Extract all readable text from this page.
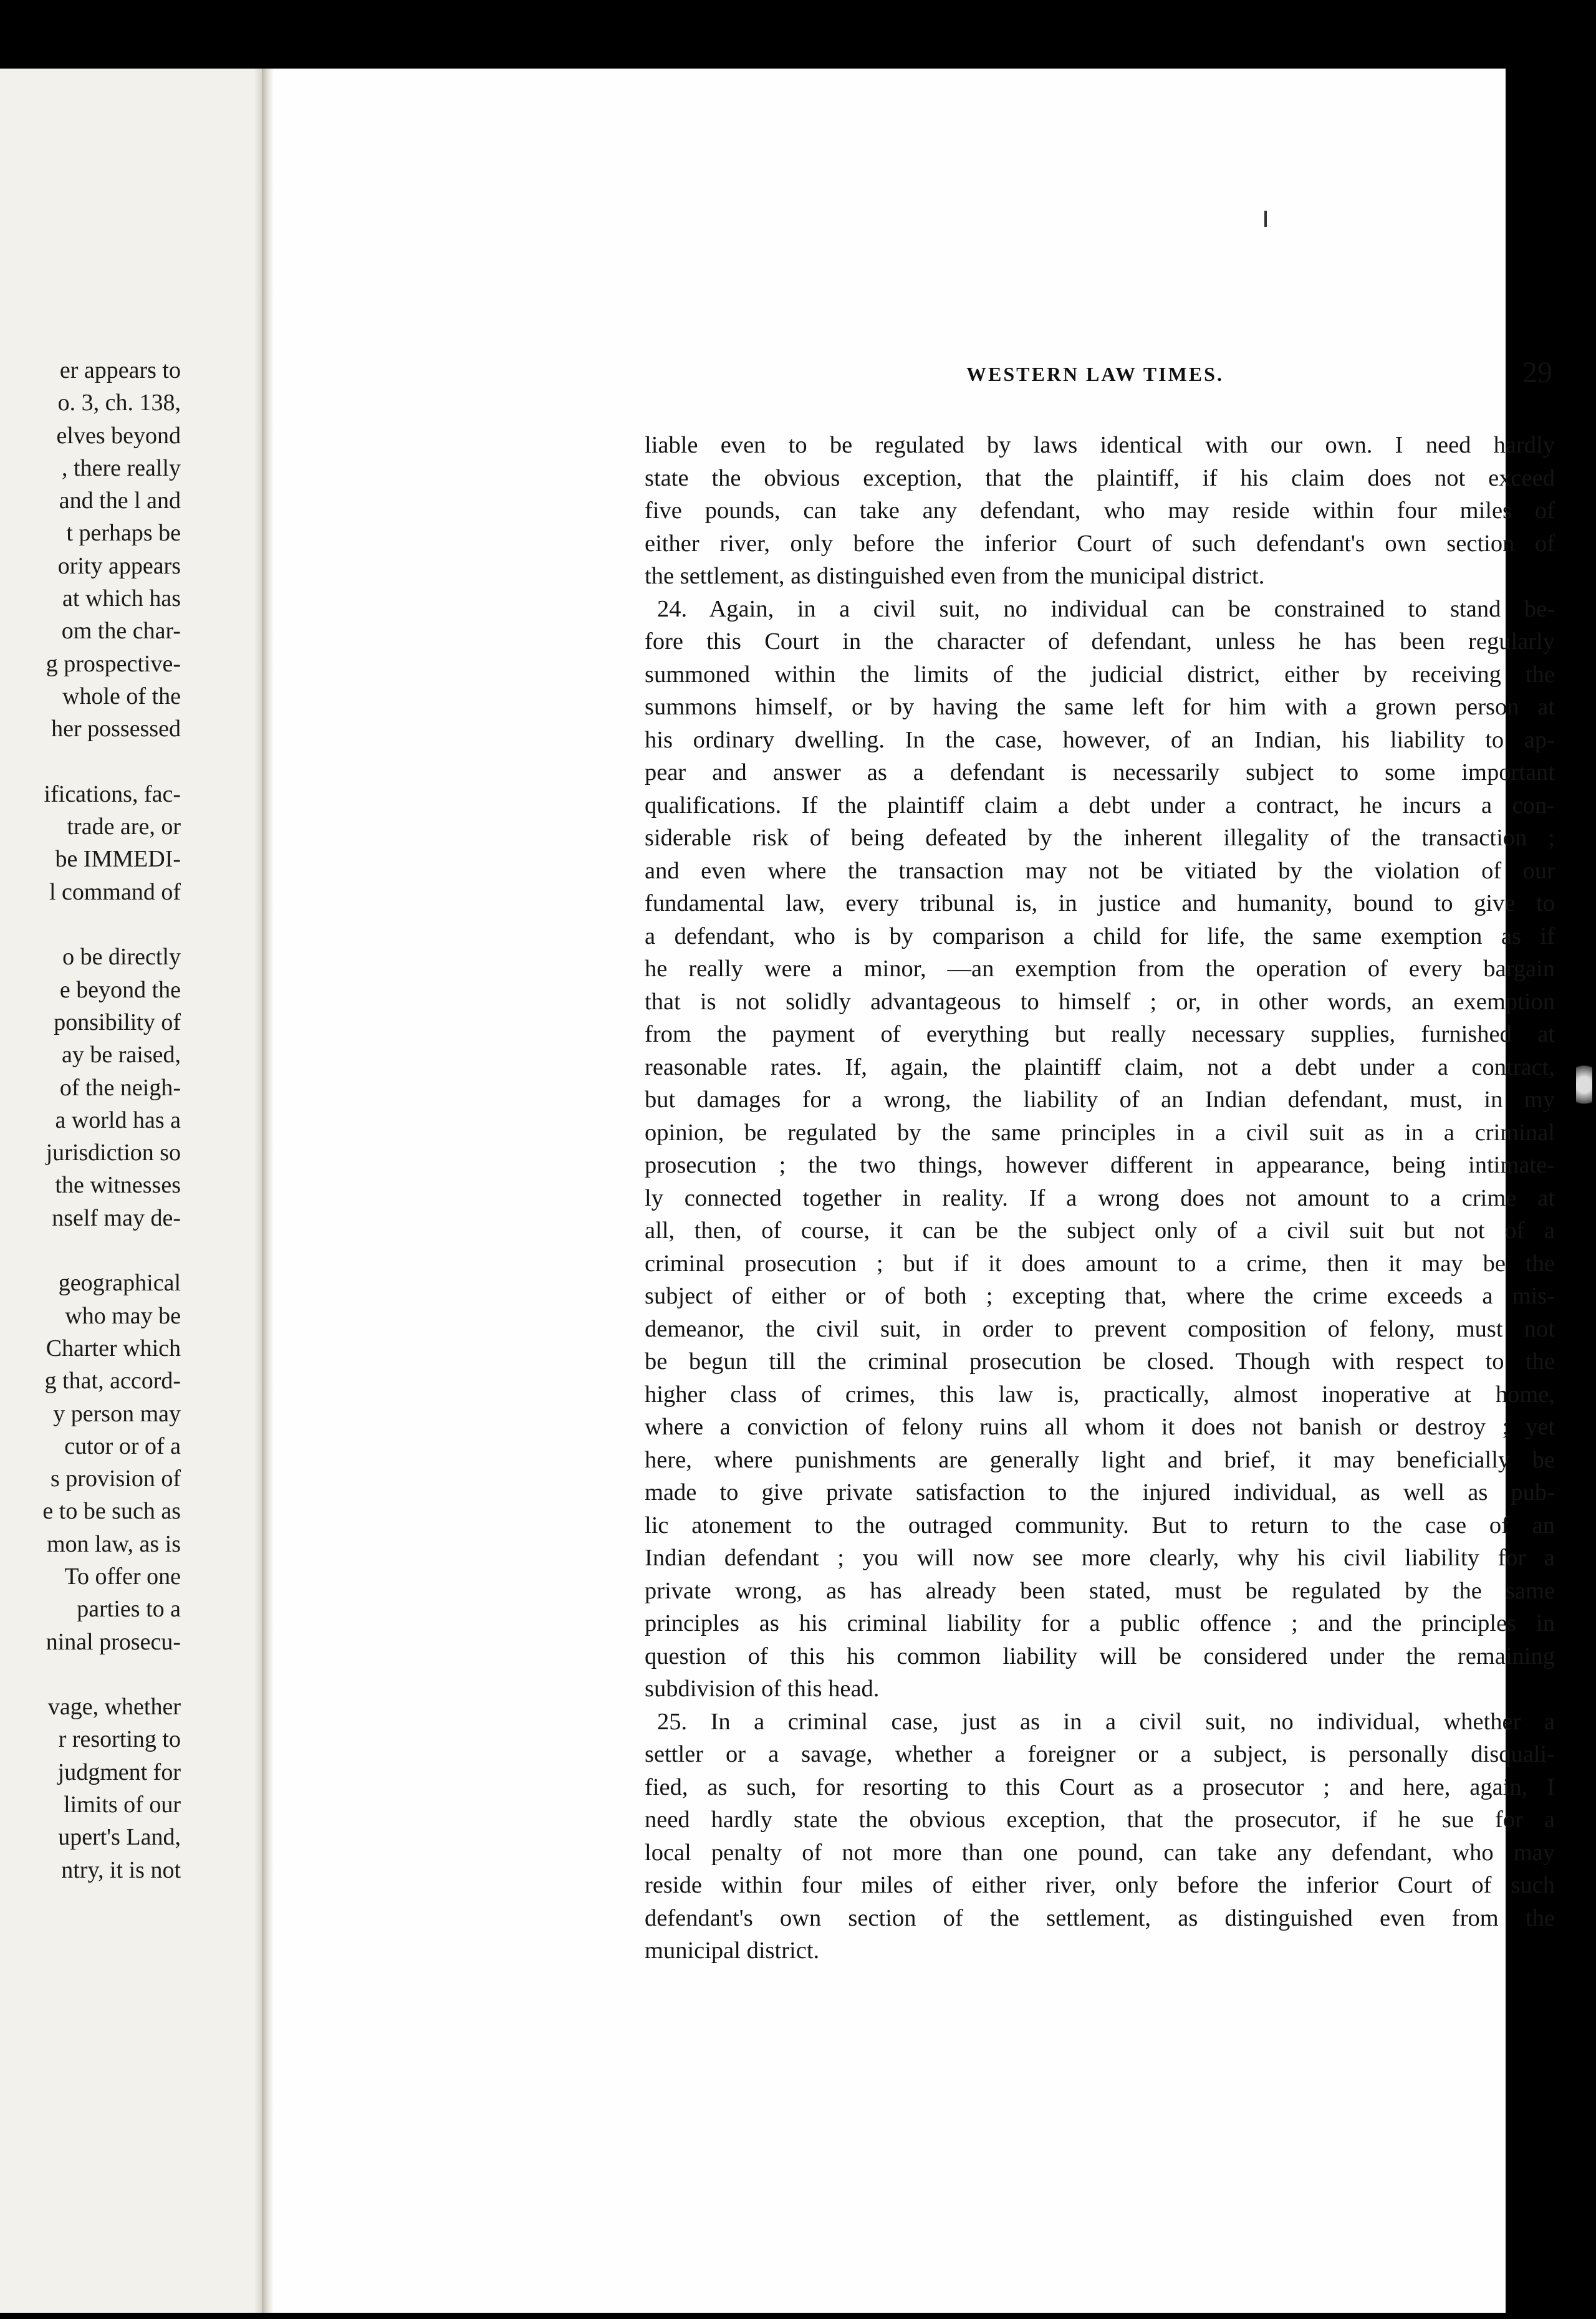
er appears to
o. 3, ch. 138,
elves beyond
, there really
and the l and
t perhaps be
ority appears
at which has
om the char-
g prospective-
whole of the
her possessed
ifications, fac-
trade are, or
be IMMEDI-
l command of
o be directly
e beyond the
ponsibility of
ay be raised,
of the neigh-
a world has a
jurisdiction so
the witnesses
nself may de-
geographical
who may be
Charter which
g that, accord-
y person may
cutor or of a
s provision of
e to be such as
mon law, as is
To offer one
parties to a
ninal prosecu-
vage, whether
r resorting to
judgment for
limits of our
upert's Land,
ntry, it is not
WESTERN LAW TIMES.	29
liable even to be regulated by laws identical with our own. I need hardly
state the obvious exception, that the plaintiff, if his claim does not exceed
five pounds, can take any defendant, who may reside within four miles of
either river, only before the inferior Court of such defendant's own section of
the settlement, as distinguished even from the municipal district.
24. Again, in a civil suit, no individual can be constrained to stand be-
fore this Court in the character of defendant, unless he has been regularly
summoned within the limits of the judicial district, either by receiving the
summons himself, or by having the same left for him with a grown person at
his ordinary dwelling. In the case, however, of an Indian, his liability to ap-
pear and answer as a defendant is necessarily subject to some important
qualifications. If the plaintiff claim a debt under a contract, he incurs a con-
siderable risk of being defeated by the inherent illegality of the transaction ;
and even where the transaction may not be vitiated by the violation of our
fundamental law, every tribunal is, in justice and humanity, bound to give to
a defendant, who is by comparison a child for life, the same exemption as if
he really were a minor, —an exemption from the operation of every bargain
that is not solidly advantageous to himself ; or, in other words, an exemption
from the payment of everything but really necessary supplies, furnished at
reasonable rates. If, again, the plaintiff claim, not a debt under a contract,
but damages for a wrong, the liability of an Indian defendant, must, in my
opinion, be regulated by the same principles in a civil suit as in a criminal
prosecution ; the two things, however different in appearance, being intimate-
ly connected together in reality. If a wrong does not amount to a crime at
all, then, of course, it can be the subject only of a civil suit but not of a
criminal prosecution ; but if it does amount to a crime, then it may be the
subject of either or of both ; excepting that, where the crime exceeds a mis-
demeanor, the civil suit, in order to prevent composition of felony, must not
be begun till the criminal prosecution be closed. Though with respect to the
higher class of crimes, this law is, practically, almost inoperative at home,
where a conviction of felony ruins all whom it does not banish or destroy ; yet
here, where punishments are generally light and brief, it may beneficially be
made to give private satisfaction to the injured individual, as well as pub-
lic atonement to the outraged community. But to return to the case of an
Indian defendant ; you will now see more clearly, why his civil liability for a
private wrong, as has already been stated, must be regulated by the same
principles as his criminal liability for a public offence ; and the principles in
question of this his common liability will be considered under the remaining
subdivision of this head.
25. In a criminal case, just as in a civil suit, no individual, whether a
settler or a savage, whether a foreigner or a subject, is personally disquali-
fied, as such, for resorting to this Court as a prosecutor ; and here, again, I
need hardly state the obvious exception, that the prosecutor, if he sue for a
local penalty of not more than one pound, can take any defendant, who may
reside within four miles of either river, only before the inferior Court of such
defendant's own section of the settlement, as distinguished even from the
municipal district.
